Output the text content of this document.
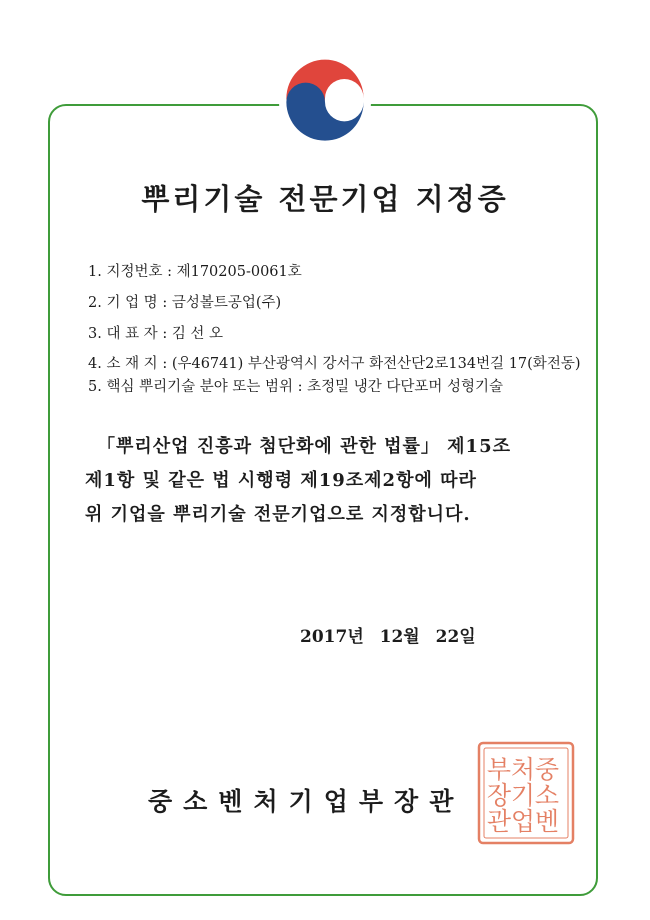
뿌리기술 전문기업 지정증
1. 지정번호 : 제170205-0061호
2. 기 업 명 : 금성볼트공업(주)
3. 대 표 자 : 김 선 오
4. 소 재 지 : (우46741) 부산광역시 강서구 화전산단2로134번길 17(화전동)
5. 핵심 뿌리기술 분야 또는 범위 : 초정밀 냉간 다단포머 성형기술

「뿌리산업 진흥과 첨단화에 관한 법률」 제15조
제1항 및 같은 법 시행령 제19조제2항에 따라
위 기업을 뿌리기술 전문기업으로 지정합니다.

2017년 12월 22일
중소벤처기업부장관
중
소
벤
처
기
업
부
장
관
